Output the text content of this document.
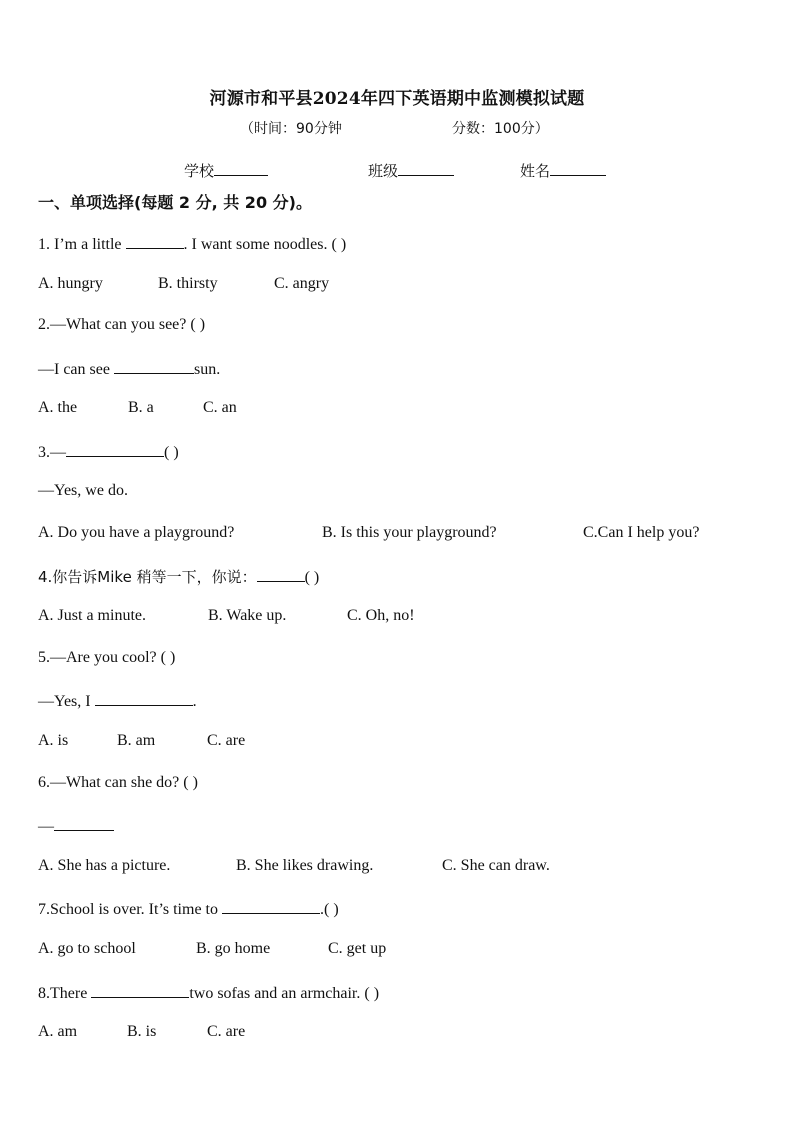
河源市和平县2024年四下英语期中监测模拟试题
（时间：90分钟	分数：100分）
学校	班级	姓名
一、单项选择(每题 2 分, 共 20 分)。
1. I’m a little	. I want some noodles. ( )
A. hungry	B. thirsty	C. angry
2.—What can you see? ( )
—I can see	sun.
A. the	B. a	C. an
3.—	( )
—Yes, we do.
A. Do you have a playground?	B. Is this your playground?	C.Can I help you?
4.你告诉Mike 稍等一下，你说：	( )
A. Just a minute.	B. Wake up.	C. Oh, no!
5.—Are you cool? ( )
—Yes, I	.
A. is	B. am	C. are
6.—What can she do? ( )
—
A. She has a picture.	B. She likes drawing.	C. She can draw.
7.School is over. It’s time to	.( )
A. go to school	B. go home	C. get up
8.There	two sofas and an armchair. ( )
A. am	B. is	C. are
